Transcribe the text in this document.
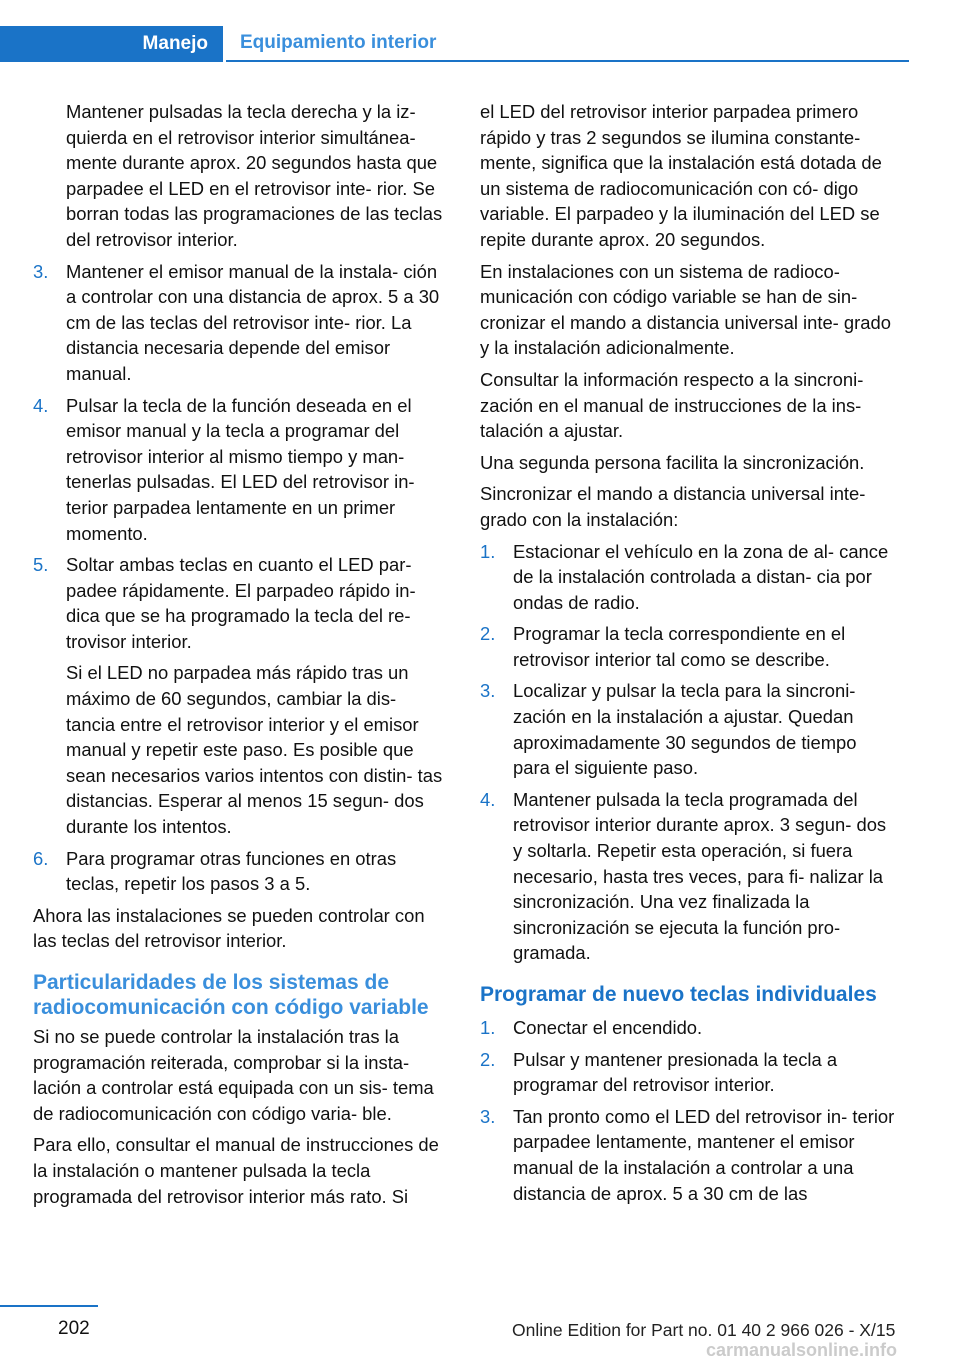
Manejo	Equipamiento interior

Mantener pulsadas la tecla derecha y la iz‐ quierda en el retrovisor interior simultánea‐ mente durante aprox. 20 segundos hasta que parpadee el LED en el retrovisor inte‐ rior. Se borran todas las programaciones de las teclas del retrovisor interior.

3. Mantener el emisor manual de la instala‐ ción a controlar con una distancia de aprox. 5 a 30 cm de las teclas del retrovisor inte‐ rior. La distancia necesaria depende del emisor manual.
4. Pulsar la tecla de la función deseada en el emisor manual y la tecla a programar del retrovisor interior al mismo tiempo y man‐ tenerlas pulsadas. El LED del retrovisor in‐ terior parpadea lentamente en un primer momento.
5. Soltar ambas teclas en cuanto el LED par‐ padee rápidamente. El parpadeo rápido in‐ dica que se ha programado la tecla del re‐ trovisor interior.
Si el LED no parpadea más rápido tras un máximo de 60 segundos, cambiar la dis‐ tancia entre el retrovisor interior y el emisor manual y repetir este paso. Es posible que sean necesarios varios intentos con distin‐ tas distancias. Esperar al menos 15 segun‐ dos durante los intentos.
6. Para programar otras funciones en otras teclas, repetir los pasos 3 a 5.

Ahora las instalaciones se pueden controlar con las teclas del retrovisor interior.

Particularidades de los sistemas de radiocomunicación con código variable

Si no se puede controlar la instalación tras la programación reiterada, comprobar si la insta‐ lación a controlar está equipada con un sis‐ tema de radiocomunicación con código varia‐ ble.

Para ello, consultar el manual de instrucciones de la instalación o mantener pulsada la tecla programada del retrovisor interior más rato. Si

el LED del retrovisor interior parpadea primero rápido y tras 2 segundos se ilumina constante‐ mente, significa que la instalación está dotada de un sistema de radiocomunicación con có‐ digo variable. El parpadeo y la iluminación del LED se repite durante aprox. 20 segundos.

En instalaciones con un sistema de radioco‐ municación con código variable se han de sin‐ cronizar el mando a distancia universal inte‐ grado y la instalación adicionalmente.

Consultar la información respecto a la sincroni‐ zación en el manual de instrucciones de la ins‐ talación a ajustar.

Una segunda persona facilita la sincronización.

Sincronizar el mando a distancia universal inte‐ grado con la instalación:

1. Estacionar el vehículo en la zona de al‐ cance de la instalación controlada a distan‐ cia por ondas de radio.
2. Programar la tecla correspondiente en el retrovisor interior tal como se describe.
3. Localizar y pulsar la tecla para la sincroni‐ zación en la instalación a ajustar. Quedan aproximadamente 30 segundos de tiempo para el siguiente paso.
4. Mantener pulsada la tecla programada del retrovisor interior durante aprox. 3 segun‐ dos y soltarla. Repetir esta operación, si fuera necesario, hasta tres veces, para fi‐ nalizar la sincronización. Una vez finalizada la sincronización se ejecuta la función pro‐ gramada.
Programar de nuevo teclas individuales
1. Conectar el encendido.
2. Pulsar y mantener presionada la tecla a programar del retrovisor interior.
3. Tan pronto como el LED del retrovisor in‐ terior parpadee lentamente, mantener el emisor manual de la instalación a controlar a una distancia de aprox. 5 a 30 cm de las
202	Online Edition for Part no. 01 40 2 966 026 - X/15
carmanualsonline.info
